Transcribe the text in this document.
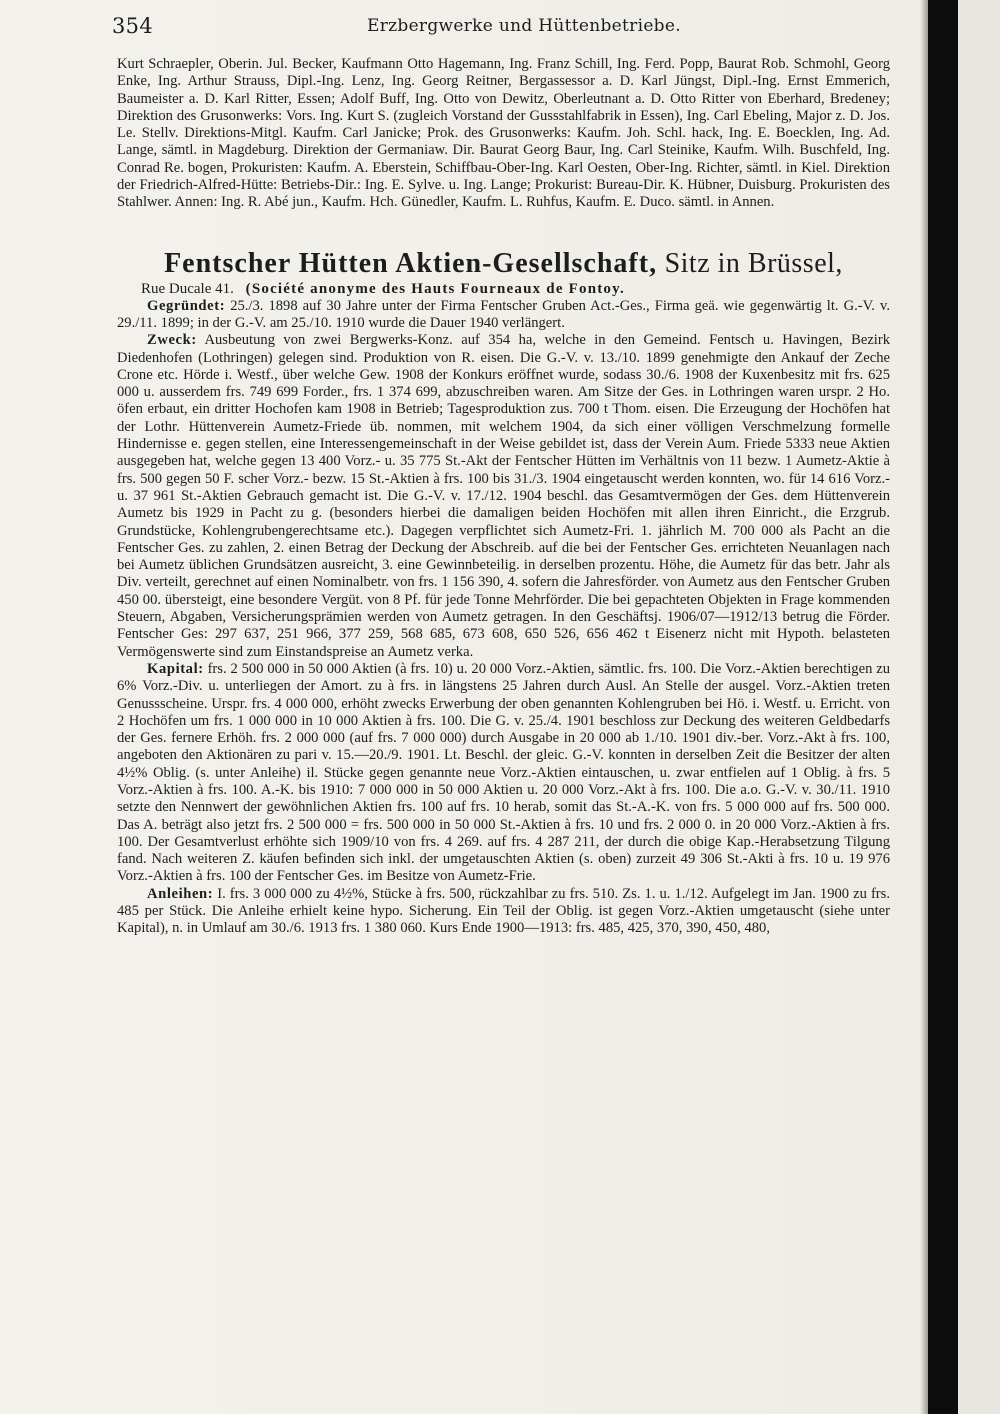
354	Erzbergwerke und Hüttenbetriebe.

Kurt Schraepler, Oberin. Jul. Becker, Kaufmann Otto Hagemann, Ing. Franz Schill, Ing. Ferd. Popp, Baurat Rob. Schmohl, Georg Enke, Ing. Arthur Strauss, Dipl.-Ing. Lenz, Ing. Georg Reitner, Bergassessor a. D. Karl Jüngst, Dipl.-Ing. Ernst Emmerich, Baumeister a. D. Karl Ritter, Essen; Adolf Buff, Ing. Otto von Dewitz, Oberleutnant a. D. Otto Ritter von Eberhard, Bredeney; Direktion des Grusonwerks: Vors. Ing. Kurt S. (zugleich Vorstand der Gussstahlfabrik in Essen), Ing. Carl Ebeling, Major z. D. Jos. Le. Stellv. Direktions-Mitgl. Kaufm. Carl Janicke; Prok. des Grusonwerks: Kaufm. Joh. Schl. hack, Ing. E. Boecklen, Ing. Ad. Lange, sämtl. in Magdeburg. Direktion der Germaniaw. Dir. Baurat Georg Baur, Ing. Carl Steinike, Kaufm. Wilh. Buschfeld, Ing. Conrad Re. bogen, Prokuristen: Kaufm. A. Eberstein, Schiffbau-Ober-Ing. Karl Oesten, Ober-Ing. Richter, sämtl. in Kiel. Direktion der Friedrich-Alfred-Hütte: Betriebs-Dir.: Ing. E. Sylve. u. Ing. Lange; Prokurist: Bureau-Dir. K. Hübner, Duisburg. Prokuristen des Stahlwer. Annen: Ing. R. Abé jun., Kaufm. Hch. Günedler, Kaufm. L. Ruhfus, Kaufm. E. Duco. sämtl. in Annen.

Fentscher Hütten Aktien-Gesellschaft, Sitz in Brüssel,

Rue Ducale 41. (Société anonyme des Hauts Fourneaux de Fontoy.

Gegründet: 25./3. 1898 auf 30 Jahre unter der Firma Fentscher Gruben Act.-Ges., Firma geä. wie gegenwärtig lt. G.-V. v. 29./11. 1899; in der G.-V. am 25./10. 1910 wurde die Dauer 1940 verlängert.

Zweck: Ausbeutung von zwei Bergwerks-Konz. auf 354 ha, welche in den Gemeind. Fentsch u. Havingen, Bezirk Diedenhofen (Lothringen) gelegen sind. Produktion von R. eisen. Die G.-V. v. 13./10. 1899 genehmigte den Ankauf der Zeche Crone etc. Hörde i. Westf., über welche Gew. 1908 der Konkurs eröffnet wurde, sodass 30./6. 1908 der Kuxenbesitz mit frs. 625 000 u. ausserdem frs. 749 699 Forder., frs. 1 374 699, abzuschreiben waren. Am Sitze der Ges. in Lothringen waren urspr. 2 Ho. öfen erbaut, ein dritter Hochofen kam 1908 in Betrieb; Tagesproduktion zus. 700 t Thom. eisen. Die Erzeugung der Hochöfen hat der Lothr. Hüttenverein Aumetz-Friede üb. nommen, mit welchem 1904, da sich einer völligen Verschmelzung formelle Hindernisse e. gegen stellen, eine Interessengemeinschaft in der Weise gebildet ist, dass der Verein Aum. Friede 5333 neue Aktien ausgegeben hat, welche gegen 13 400 Vorz.- u. 35 775 St.-Akt der Fentscher Hütten im Verhältnis von 11 bezw. 1 Aumetz-Aktie à frs. 500 gegen 50 F. scher Vorz.- bezw. 15 St.-Aktien à frs. 100 bis 31./3. 1904 eingetauscht werden konnten, wo. für 14 616 Vorz.- u. 37 961 St.-Aktien Gebrauch gemacht ist. Die G.-V. v. 17./12. 1904 beschl. das Gesamtvermögen der Ges. dem Hüttenverein Aumetz bis 1929 in Pacht zu g. (besonders hierbei die damaligen beiden Hochöfen mit allen ihren Einricht., die Erzgrub. Grundstücke, Kohlengrubengerechtsame etc.). Dagegen verpflichtet sich Aumetz-Fri. 1. jährlich M. 700 000 als Pacht an die Fentscher Ges. zu zahlen, 2. einen Betrag der Deckung der Abschreib. auf die bei der Fentscher Ges. errichteten Neuanlagen nach bei Aumetz üblichen Grundsätzen ausreicht, 3. eine Gewinnbeteilig. in derselben prozentu. Höhe, die Aumetz für das betr. Jahr als Div. verteilt, gerechnet auf einen Nominalbetr. von frs. 1 156 390, 4. sofern die Jahresförder. von Aumetz aus den Fentscher Gruben 450 00. übersteigt, eine besondere Vergüt. von 8 Pf. für jede Tonne Mehrförder. Die bei gepachteten Objekten in Frage kommenden Steuern, Abgaben, Versicherungsprämien werden von Aumetz getragen. In den Geschäftsj. 1906/07—1912/13 betrug die Förder. Fentscher Ges: 297 637, 251 966, 377 259, 568 685, 673 608, 650 526, 656 462 t Eisenerz nicht mit Hypoth. belasteten Vermögenswerte sind zum Einstandspreise an Aumetz verka.

Kapital: frs. 2 500 000 in 50 000 Aktien (à frs. 10) u. 20 000 Vorz.-Aktien, sämtlic. frs. 100. Die Vorz.-Aktien berechtigen zu 6% Vorz.-Div. u. unterliegen der Amort. zu à frs. in längstens 25 Jahren durch Ausl. An Stelle der ausgel. Vorz.-Aktien treten Genussscheine. Urspr. frs. 4 000 000, erhöht zwecks Erwerbung der oben genannten Kohlengruben bei Hö. i. Westf. u. Erricht. von 2 Hochöfen um frs. 1 000 000 in 10 000 Aktien à frs. 100. Die G. v. 25./4. 1901 beschloss zur Deckung des weiteren Geldbedarfs der Ges. fernere Erhöh. frs. 2 000 000 (auf frs. 7 000 000) durch Ausgabe in 20 000 ab 1./10. 1901 div.-ber. Vorz.-Akt à frs. 100, angeboten den Aktionären zu pari v. 15.—20./9. 1901. Lt. Beschl. der gleic. G.-V. konnten in derselben Zeit die Besitzer der alten 4½% Oblig. (s. unter Anleihe) il. Stücke gegen genannte neue Vorz.-Aktien eintauschen, u. zwar entfielen auf 1 Oblig. à frs. 5 Vorz.-Aktien à frs. 100. A.-K. bis 1910: 7 000 000 in 50 000 Aktien u. 20 000 Vorz.-Akt à frs. 100. Die a.o. G.-V. v. 30./11. 1910 setzte den Nennwert der gewöhnlichen Aktien frs. 100 auf frs. 10 herab, somit das St.-A.-K. von frs. 5 000 000 auf frs. 500 000. Das A. beträgt also jetzt frs. 2 500 000 = frs. 500 000 in 50 000 St.-Aktien à frs. 10 und frs. 2 000 0. in 20 000 Vorz.-Aktien à frs. 100. Der Gesamtverlust erhöhte sich 1909/10 von frs. 4 269. auf frs. 4 287 211, der durch die obige Kap.-Herabsetzung Tilgung fand. Nach weiteren Z. käufen befinden sich inkl. der umgetauschten Aktien (s. oben) zurzeit 49 306 St.-Akti à frs. 10 u. 19 976 Vorz.-Aktien à frs. 100 der Fentscher Ges. im Besitze von Aumetz-Frie.

Anleihen: I. frs. 3 000 000 zu 4½%, Stücke à frs. 500, rückzahlbar zu frs. 510. Zs. 1. u. 1./12. Aufgelegt im Jan. 1900 zu frs. 485 per Stück. Die Anleihe erhielt keine hypo. Sicherung. Ein Teil der Oblig. ist gegen Vorz.-Aktien umgetauscht (siehe unter Kapital), n. in Umlauf am 30./6. 1913 frs. 1 380 060. Kurs Ende 1900—1913: frs. 485, 425, 370, 390, 450, 480,
